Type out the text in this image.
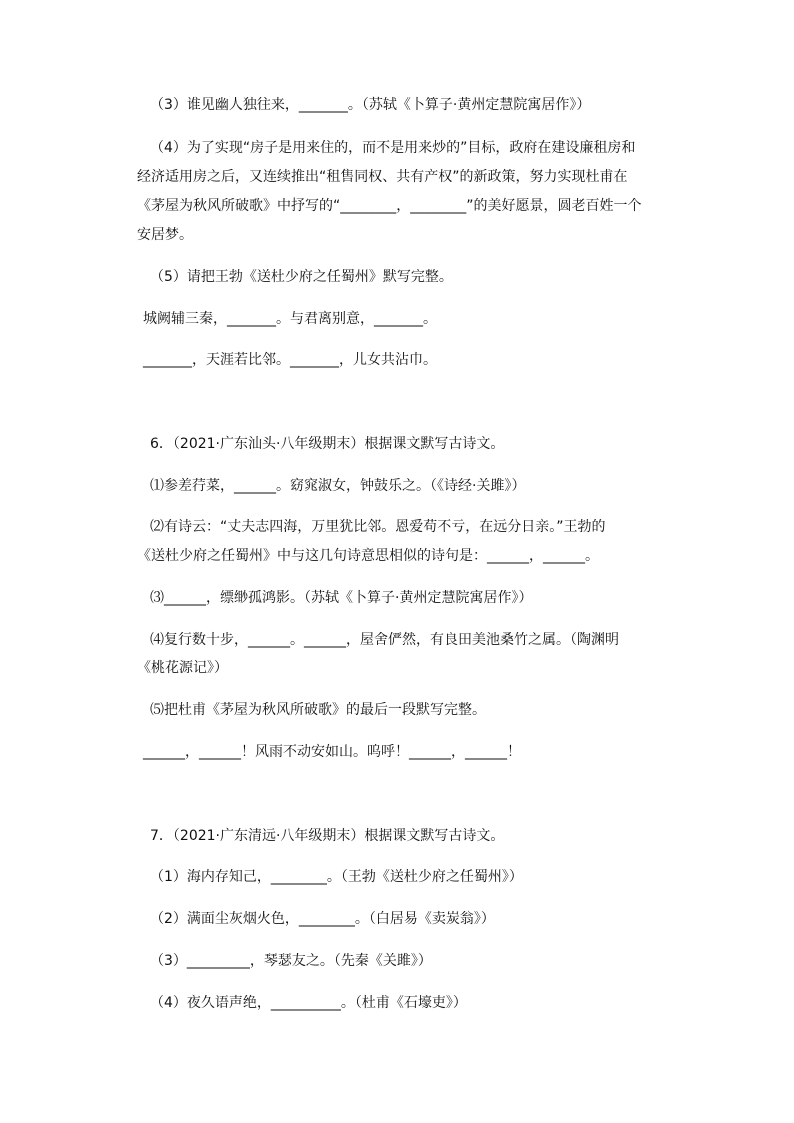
（3）谁见幽人独往来，_______。（苏轼《卜算子·黄州定慧院寓居作》）
（4）为了实现“房子是用来住的，而不是用来炒的”目标，政府在建设廉租房和
经济适用房之后，又连续推出“租售同权、共有产权”的新政策，努力实现杜甫在
《茅屋为秋风所破歌》中抒写的“________，________”的美好愿景，圆老百姓一个
安居梦。
（5）请把王勃《送杜少府之任蜀州》默写完整。
城阙辅三秦，_______。与君离别意，_______。
_______，天涯若比邻。_______，儿女共沾巾。
6．（2021·广东汕头·八年级期末）根据课文默写古诗文。
⑴参差荇菜，______。窈窕淑女，钟鼓乐之。（《诗经·关雎》）
⑵有诗云：“丈夫志四海，万里犹比邻。恩爱苟不亏，在远分日亲。”王勃的
《送杜少府之任蜀州》中与这几句诗意思相似的诗句是：______，______。
⑶______，缥缈孤鸿影。（苏轼《卜算子·黄州定慧院寓居作》）
⑷复行数十步，______。______，屋舍俨然，有良田美池桑竹之属。（陶渊明
《桃花源记》）
⑸把杜甫《茅屋为秋风所破歌》的最后一段默写完整。
______，______！风雨不动安如山。呜呼！______，______！
7．（2021·广东清远·八年级期末）根据课文默写古诗文。
（1）海内存知己，________。（王勃《送杜少府之任蜀州》）
（2）满面尘灰烟火色，________。（白居易《卖炭翁》）
（3）_________，琴瑟友之。（先秦《关雎》）
（4）夜久语声绝，__________。（杜甫《石壕吏》）
